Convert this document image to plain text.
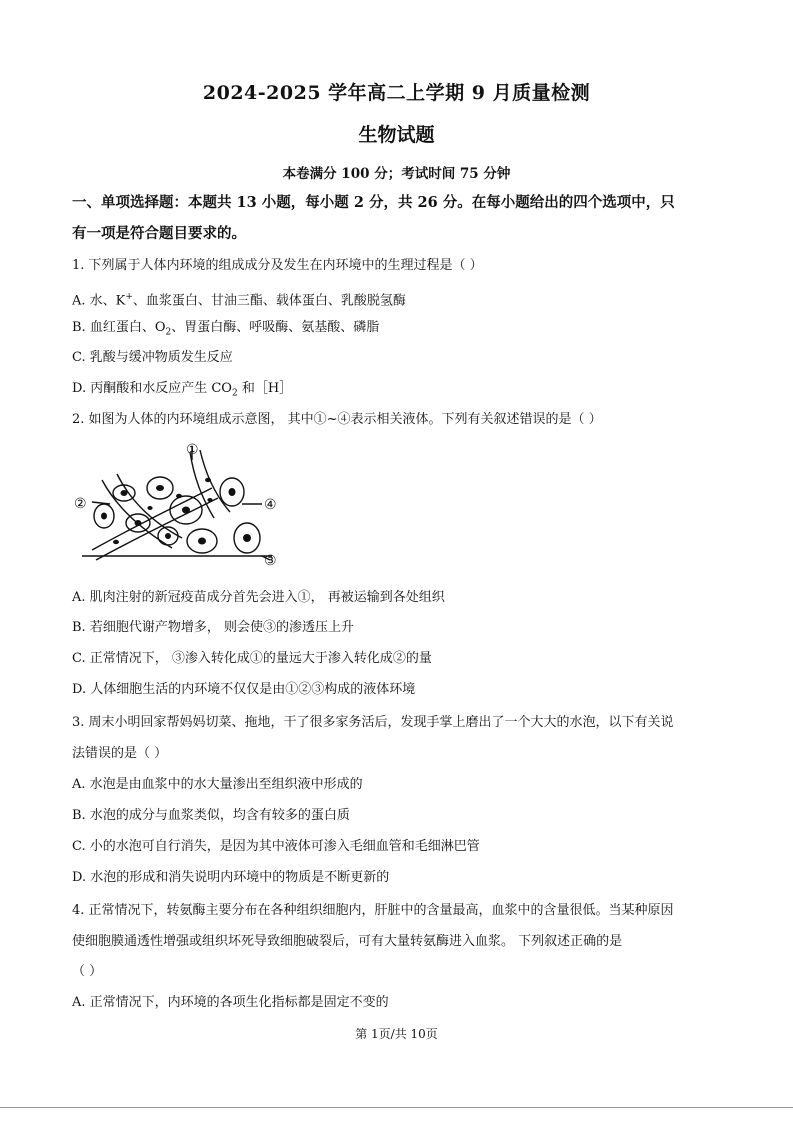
2024-2025 学年高二上学期 9 月质量检测
生物试题
本卷满分 100 分；考试时间 75 分钟
一、单项选择题：本题共 13 小题，每小题 2 分，共 26 分。在每小题给出的四个选项中，只
有一项是符合题目要求的。
1. 下列属于人体内环境的组成成分及发生在内环境中的生理过程是（ ）
A. 水、K+、血浆蛋白、甘油三酯、载体蛋白、乳酸脱氢酶
B. 血红蛋白、$O_2$、胃蛋白酶、呼吸酶、氨基酸、磷脂
C. 乳酸与缓冲物质发生反应
D. 丙酮酸和水反应产生 $CO_2$ 和［H］
2. 如图为人体的内环境组成示意图， 其中①~④表示相关液体。下列有关叙述错误的是（ ）
①
②
③
④
A. 肌肉注射的新冠疫苗成分首先会进入①， 再被运输到各处组织
B. 若细胞代谢产物增多， 则会使③的渗透压上升
C. 正常情况下， ③渗入转化成①的量远大于渗入转化成②的量
D. 人体细胞生活的内环境不仅仅是由①②③构成的液体环境
3. 周末小明回家帮妈妈切菜、拖地，干了很多家务活后，发现手掌上磨出了一个大大的水泡，以下有关说
法错误的是（ ）
A. 水泡是由血浆中的水大量渗出至组织液中形成的
B. 水泡的成分与血浆类似，均含有较多的蛋白质
C. 小的水泡可自行消失，是因为其中液体可渗入毛细血管和毛细淋巴管
D. 水泡的形成和消失说明内环境中的物质是不断更新的
4. 正常情况下，转氨酶主要分布在各种组织细胞内，肝脏中的含量最高，血浆中的含量很低。当某种原因
使细胞膜通透性增强或组织坏死导致细胞破裂后，可有大量转氨酶进入血浆。 下列叙述正确的是
（ ）
A. 正常情况下，内环境的各项生化指标都是固定不变的
第 1页/共 10页
